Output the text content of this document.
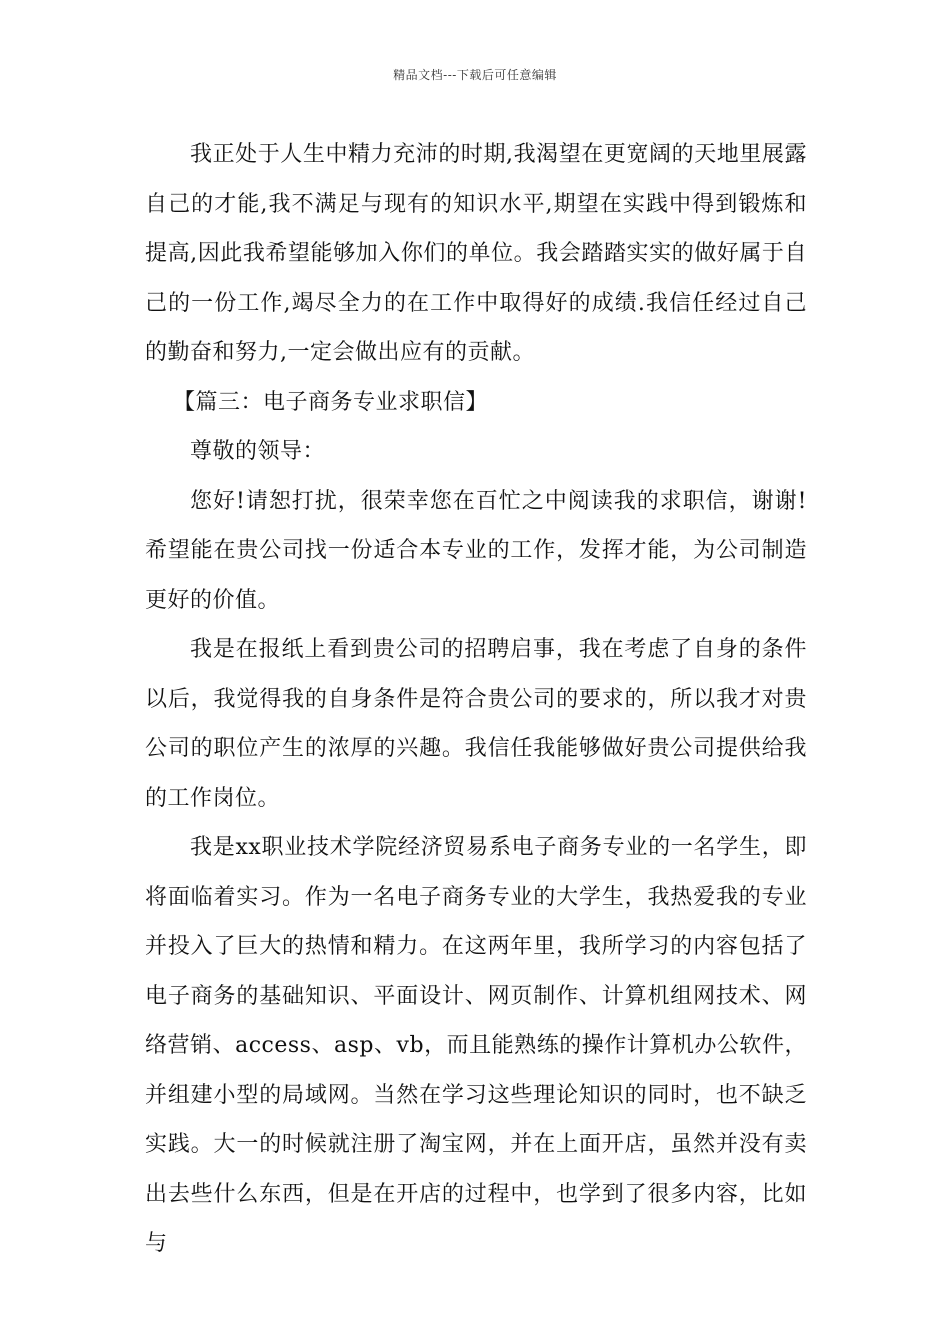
精品文档---下载后可任意编辑

我正处于人生中精力充沛的时期,我渴望在更宽阔的天地里展露自己的才能,我不满足与现有的知识水平,期望在实践中得到锻炼和提高,因此我希望能够加入你们的单位。我会踏踏实实的做好属于自己的一份工作,竭尽全力的在工作中取得好的成绩.我信任经过自己的勤奋和努力,一定会做出应有的贡献。

【篇三：电子商务专业求职信】

尊敬的领导：

您好!请恕打扰，很荣幸您在百忙之中阅读我的求职信，谢谢!希望能在贵公司找一份适合本专业的工作，发挥才能，为公司制造更好的价值。

我是在报纸上看到贵公司的招聘启事，我在考虑了自身的条件以后，我觉得我的自身条件是符合贵公司的要求的，所以我才对贵公司的职位产生的浓厚的兴趣。我信任我能够做好贵公司提供给我的工作岗位。

我是xx职业技术学院经济贸易系电子商务专业的一名学生，即将面临着实习。作为一名电子商务专业的大学生，我热爱我的专业并投入了巨大的热情和精力。在这两年里，我所学习的内容包括了电子商务的基础知识、平面设计、网页制作、计算机组网技术、网络营销、access、asp、vb，而且能熟练的操作计算机办公软件，并组建小型的局域网。当然在学习这些理论知识的同时，也不缺乏实践。大一的时候就注册了淘宝网，并在上面开店，虽然并没有卖出去些什么东西，但是在开店的过程中，也学到了很多内容，比如与
